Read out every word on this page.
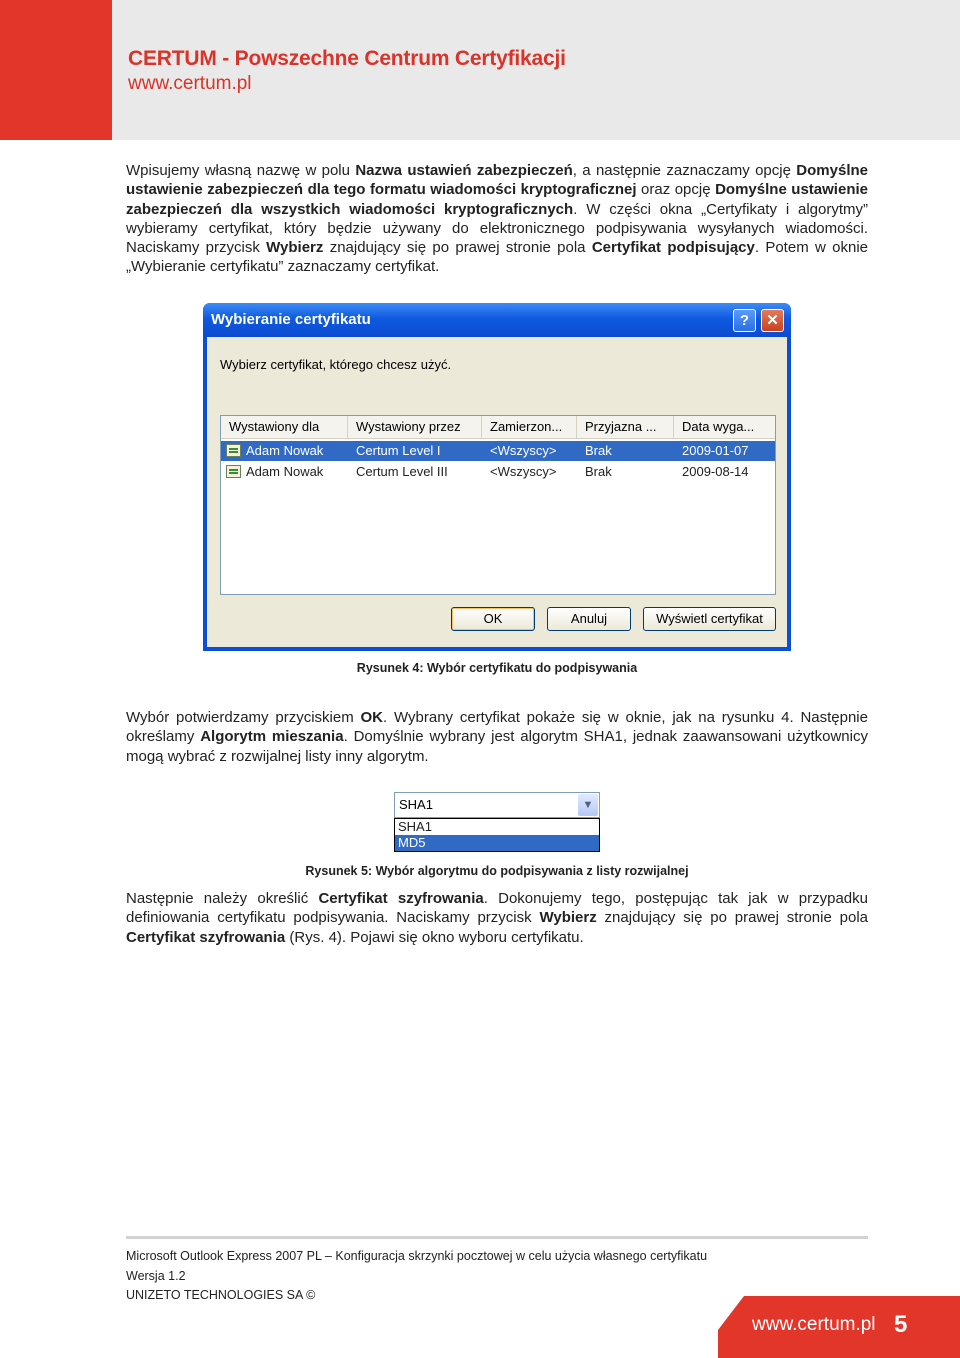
CERTUM - Powszechne Centrum Certyfikacji
www.certum.pl

Wpisujemy własną nazwę w polu Nazwa ustawień zabezpieczeń, a następnie zaznaczamy opcję Domyślne ustawienie zabezpieczeń dla tego formatu wiadomości kryptograficznej oraz opcję Domyślne ustawienie zabezpieczeń dla wszystkich wiadomości kryptograficznych. W części okna „Certyfikaty i algorytmy” wybieramy certyfikat, który będzie używany do elektronicznego podpisywania wysyłanych wiadomości. Naciskamy przycisk Wybierz znajdujący się po prawej stronie pola Certyfikat podpisujący. Potem w oknie „Wybieranie certyfikatu” zaznaczamy certyfikat.

Wybieranie certyfikatu	?	✕
Wybierz certyfikat, którego chcesz użyć.
Wystawiony dla	Wystawiony przez	Zamierzon...	Przyjazna ...	Data wyga...
Adam Nowak	Certum Level I	<Wszyscy>	Brak	2009-01-07
Adam Nowak	Certum Level III	<Wszyscy>	Brak	2009-08-14
OK	Anuluj	Wyświetl certyfikat
Rysunek 4: Wybór certyfikatu do podpisywania

Wybór potwierdzamy przyciskiem OK. Wybrany certyfikat pokaże się w oknie, jak na rysunku 4. Następnie określamy Algorytm mieszania. Domyślnie wybrany jest algorytm SHA1, jednak zaawansowani użytkownicy mogą wybrać z rozwijalnej listy inny algorytm.

SHA1	▼
SHA1
MD5
Rysunek 5: Wybór algorytmu do podpisywania z listy rozwijalnej

Następnie należy określić Certyfikat szyfrowania. Dokonujemy tego, postępując tak jak w przypadku definiowania certyfikatu podpisywania. Naciskamy przycisk Wybierz znajdujący się po prawej stronie pola Certyfikat szyfrowania (Rys. 4). Pojawi się okno wyboru certyfikatu.

Microsoft Outlook Express 2007 PL – Konfiguracja skrzynki pocztowej w celu użycia własnego certyfikatu
Wersja 1.2
UNIZETO TECHNOLOGIES SA ©
www.certum.pl 5
